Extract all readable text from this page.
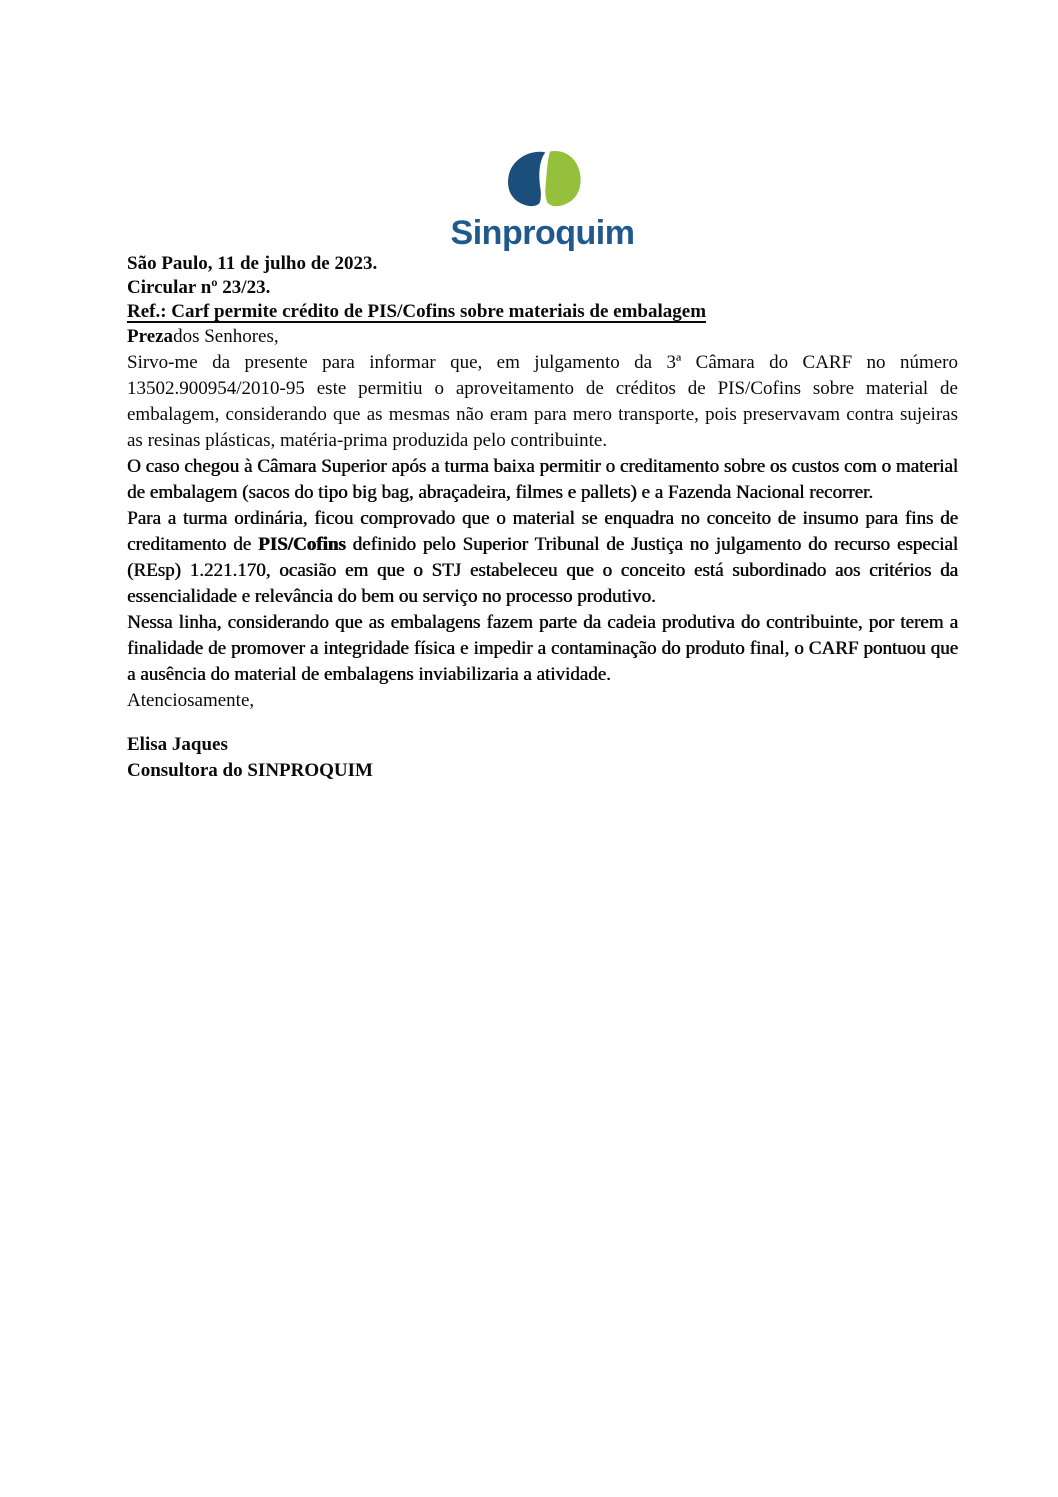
Sinproquim

São Paulo, 11 de julho de 2023.

Circular nº 23/23.

Ref.: Carf permite crédito de PIS/Cofins sobre materiais de embalagem

Prezados Senhores,

Sirvo-me da presente para informar que, em julgamento da 3ª Câmara do CARF no número 13502.900954/2010-95 este permitiu o aproveitamento de créditos de PIS/Cofins sobre material de embalagem, considerando que as mesmas não eram para mero transporte, pois preservavam contra sujeiras as resinas plásticas, matéria-prima produzida pelo contribuinte.

O caso chegou à Câmara Superior após a turma baixa permitir o creditamento sobre os custos com o material de embalagem (sacos do tipo big bag, abraçadeira, filmes e pallets) e a Fazenda Nacional recorrer.

Para a turma ordinária, ficou comprovado que o material se enquadra no conceito de insumo para fins de creditamento de PIS/Cofins definido pelo Superior Tribunal de Justiça no julgamento do recurso especial (REsp) 1.221.170, ocasião em que o STJ estabeleceu que o conceito está subordinado aos critérios da essencialidade e relevância do bem ou serviço no processo produtivo.

Nessa linha, considerando que as embalagens fazem parte da cadeia produtiva do contribuinte, por terem a finalidade de promover a integridade física e impedir a contaminação do produto final, o CARF pontuou que a ausência do material de embalagens inviabilizaria a atividade.

Atenciosamente,

Elisa Jaques

Consultora do SINPROQUIM
